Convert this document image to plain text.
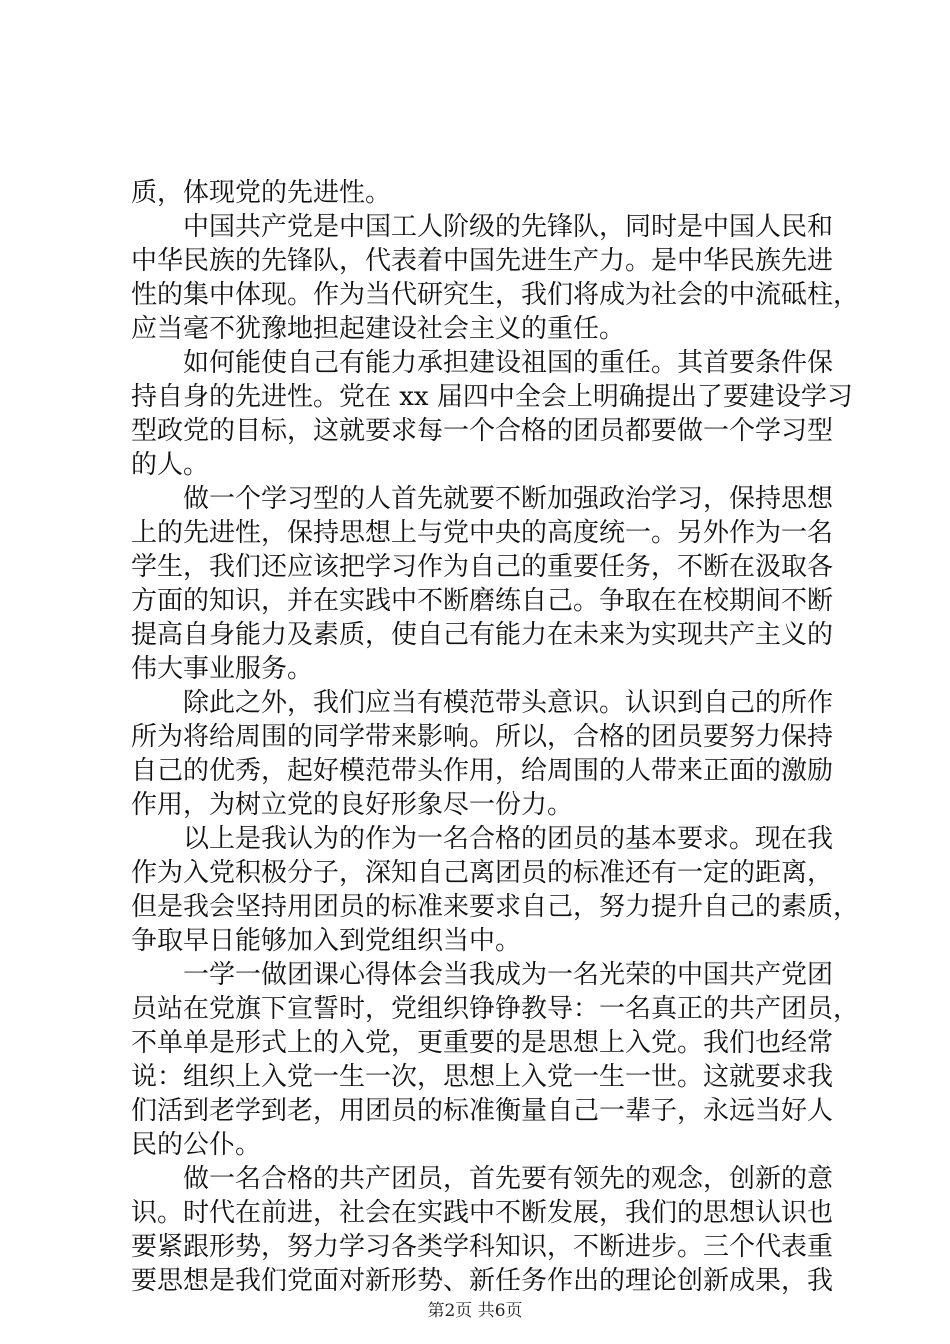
质，体现党的先进性。
中国共产党是中国工人阶级的先锋队，同时是中国人民和
中华民族的先锋队，代表着中国先进生产力。是中华民族先进
性的集中体现。作为当代研究生，我们将成为社会的中流砥柱，
应当毫不犹豫地担起建设社会主义的重任。
如何能使自己有能力承担建设祖国的重任。其首要条件保
持自身的先进性。党在 xx 届四中全会上明确提出了要建设学习
型政党的目标，这就要求每一个合格的团员都要做一个学习型
的人。
做一个学习型的人首先就要不断加强政治学习，保持思想
上的先进性，保持思想上与党中央的高度统一。另外作为一名
学生，我们还应该把学习作为自己的重要任务，不断在汲取各
方面的知识，并在实践中不断磨练自己。争取在在校期间不断
提高自身能力及素质，使自己有能力在未来为实现共产主义的
伟大事业服务。
除此之外，我们应当有模范带头意识。认识到自己的所作
所为将给周围的同学带来影响。所以，合格的团员要努力保持
自己的优秀，起好模范带头作用，给周围的人带来正面的激励
作用，为树立党的良好形象尽一份力。
以上是我认为的作为一名合格的团员的基本要求。现在我
作为入党积极分子，深知自己离团员的标准还有一定的距离，
但是我会坚持用团员的标准来要求自己，努力提升自己的素质，
争取早日能够加入到党组织当中。
一学一做团课心得体会当我成为一名光荣的中国共产党团
员站在党旗下宣誓时，党组织铮铮教导：一名真正的共产团员，
不单单是形式上的入党，更重要的是思想上入党。我们也经常
说：组织上入党一生一次，思想上入党一生一世。这就要求我
们活到老学到老，用团员的标准衡量自己一辈子，永远当好人
民的公仆。
做一名合格的共产团员，首先要有领先的观念，创新的意
识。时代在前进，社会在实践中不断发展，我们的思想认识也
要紧跟形势，努力学习各类学科知识，不断进步。三个代表重
要思想是我们党面对新形势、新任务作出的理论创新成果，我
第2页 共6页
